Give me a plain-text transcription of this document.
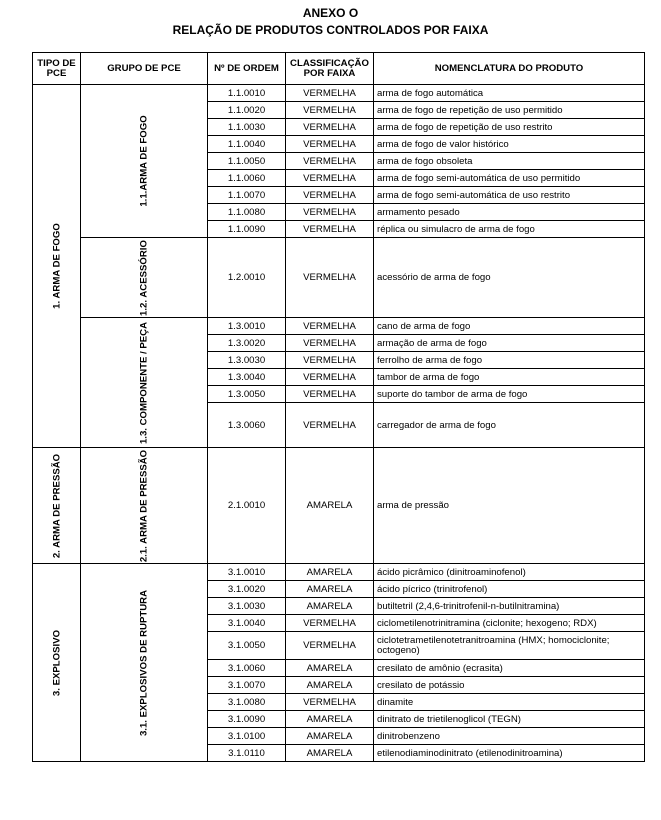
ANEXO O
RELAÇÃO DE PRODUTOS CONTROLADOS POR FAIXA
TIPO DE PCE	GRUPO DE PCE	Nº DE ORDEM	CLASSIFICAÇÃO POR FAIXA	NOMENCLATURA DO PRODUTO

1. ARMA DE FOGO	1.1.ARMA DE FOGO	1.1.0010	VERMELHA	arma de fogo automática
		1.1.0020	VERMELHA	arma de fogo de repetição de uso permitido
		1.1.0030	VERMELHA	arma de fogo de repetição de uso restrito
		1.1.0040	VERMELHA	arma de fogo de valor histórico
		1.1.0050	VERMELHA	arma de fogo obsoleta
		1.1.0060	VERMELHA	arma de fogo semi-automática de uso permitido
		1.1.0070	VERMELHA	arma de fogo semi-automática de uso restrito
		1.1.0080	VERMELHA	armamento pesado
		1.1.0090	VERMELHA	réplica ou simulacro de arma de fogo

	1.2. ACESSÓRIO	1.2.0010	VERMELHA	acessório de arma de fogo

	1.3. COMPONENTE / PEÇA	1.3.0010	VERMELHA	cano de arma de fogo
		1.3.0020	VERMELHA	armação de arma de fogo
		1.3.0030	VERMELHA	ferrolho de arma de fogo
		1.3.0040	VERMELHA	tambor de arma de fogo
		1.3.0050	VERMELHA	suporte do tambor de arma de fogo
		1.3.0060	VERMELHA	carregador de arma de fogo

2. ARMA DE PRESSÃO	2.1. ARMA DE PRESSÃO	2.1.0010	AMARELA	arma de pressão

3. EXPLOSIVO	3.1. EXPLOSIVOS DE RUPTURA	3.1.0010	AMARELA	ácido picrâmico (dinitroaminofenol)
		3.1.0020	AMARELA	ácido pícrico (trinitrofenol)
		3.1.0030	AMARELA	butiltetril (2,4,6-trinitrofenil-n-butilnitramina)
		3.1.0040	VERMELHA	ciclometilenotrinitramina (ciclonite; hexogeno; RDX)
		3.1.0050	VERMELHA	ciclotetrametilenotetranitroamina (HMX; homociclonite; octogeno)
		3.1.0060	AMARELA	cresilato de amônio (ecrasita)
		3.1.0070	AMARELA	cresilato de potássio
		3.1.0080	VERMELHA	dinamite
		3.1.0090	AMARELA	dinitrato de trietilenoglicol (TEGN)
		3.1.0100	AMARELA	dinitrobenzeno
		3.1.0110	AMARELA	etilenodiaminodinitrato (etilenodinitroamina)
